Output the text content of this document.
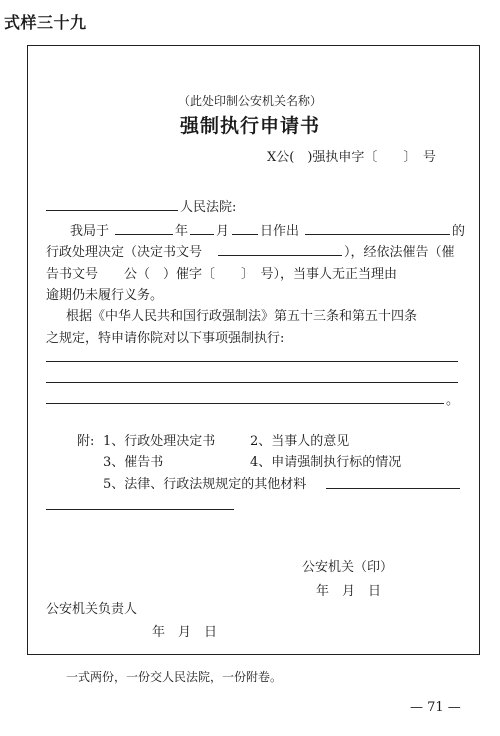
式样三十九
（此处印制公安机关名称）
强制执行申请书
X公(　)强执申字〔　　〕　号
人民法院:
我局于	年 月 日作出	的
行政处理决定（决定书文号	），经依法催告（催
告书文号　　公（　）催字〔　　〕　号），当事人无正当理由
逾期仍未履行义务。
根据《中华人民共和国行政强制法》第五十三条和第五十四条
之规定，特申请你院对以下事项强制执行:
。
附: 1、行政处理决定书	2、当事人的意见
3、催告书	4、申请强制执行标的情况
5、法律、行政法规规定的其他材料
公安机关（印）
年　月　日
公安机关负责人
年　月　日
一式两份，一份交人民法院，一份附卷。
— 71 —
